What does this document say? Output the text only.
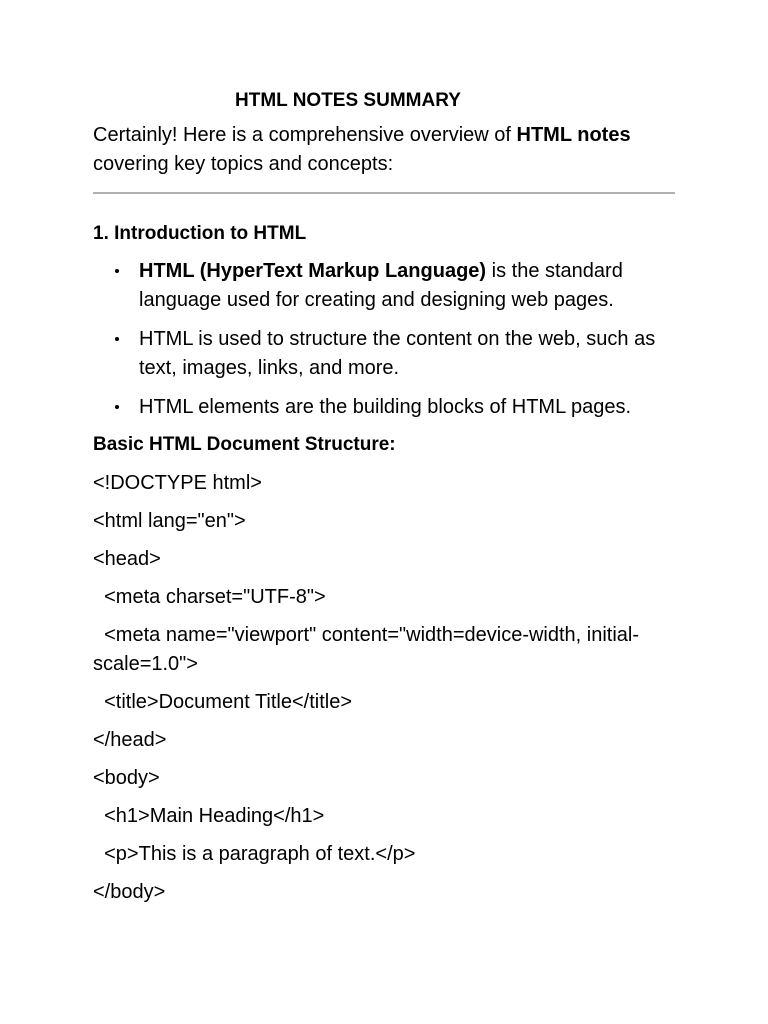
HTML NOTES SUMMARY

Certainly! Here is a comprehensive overview of HTML notes covering key topics and concepts:

1. Introduction to HTML
HTML (HyperText Markup Language) is the standard language used for creating and designing web pages.
HTML is used to structure the content on the web, such as text, images, links, and more.
HTML elements are the building blocks of HTML pages.
Basic HTML Document Structure:
<!DOCTYPE html>
<html lang="en">
<head>
<meta charset="UTF-8">
<meta name="viewport" content="width=device-width, initial-scale=1.0">
<title>Document Title</title>
</head>
<body>
<h1>Main Heading</h1>
<p>This is a paragraph of text.</p>
</body>
